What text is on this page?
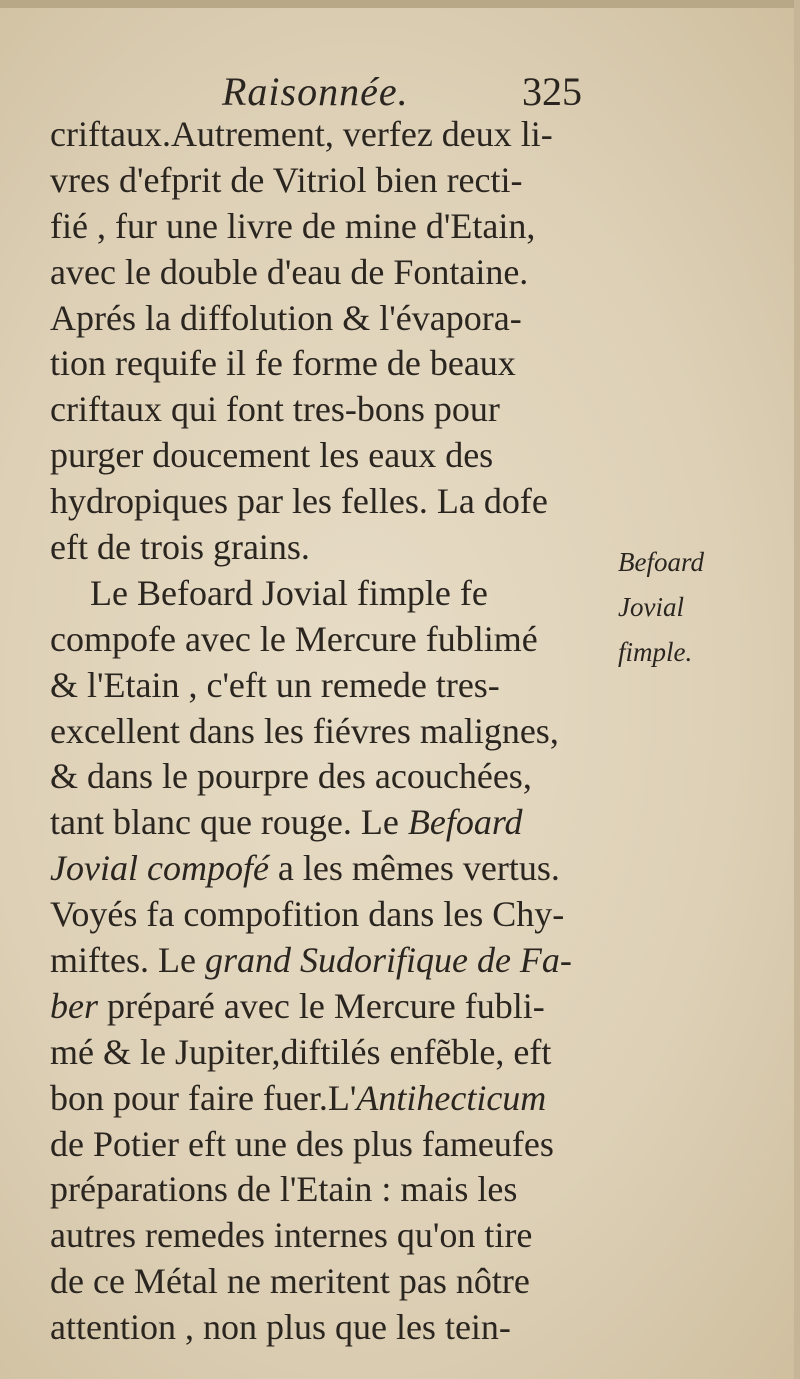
Raisonnée.	325
criftaux.Autrement, verfez deux li-
vres d'efprit de Vitriol bien recti-
fié , fur une livre de mine d'Etain,
avec le double d'eau de Fontaine.
Aprés la diffolution & l'évapora-
tion requife il fe forme de beaux
criftaux qui font tres-bons pour
purger doucement les eaux des
hydropiques par les felles. La dofe
eft de trois grains.
Le Befoard Jovial fimple fe
compofe avec le Mercure fublimé
& l'Etain , c'eft un remede tres-
excellent dans les fiévres malignes,
& dans le pourpre des acouchées,
tant blanc que rouge. Le Befoard
Jovial compofé a les mêmes vertus.
Voyés fa compofition dans les Chy-
miftes. Le grand Sudorifique de Fa-
ber préparé avec le Mercure fubli-
mé & le Jupiter,diftilés enfẽble, eft
bon pour faire fuer.L'Antihecticum
de Potier eft une des plus fameufes
préparations de l'Etain : mais les
autres remedes internes qu'on tire
de ce Métal ne meritent pas nôtre
attention , non plus que les tein-
Befoard
Jovial
fimple.
